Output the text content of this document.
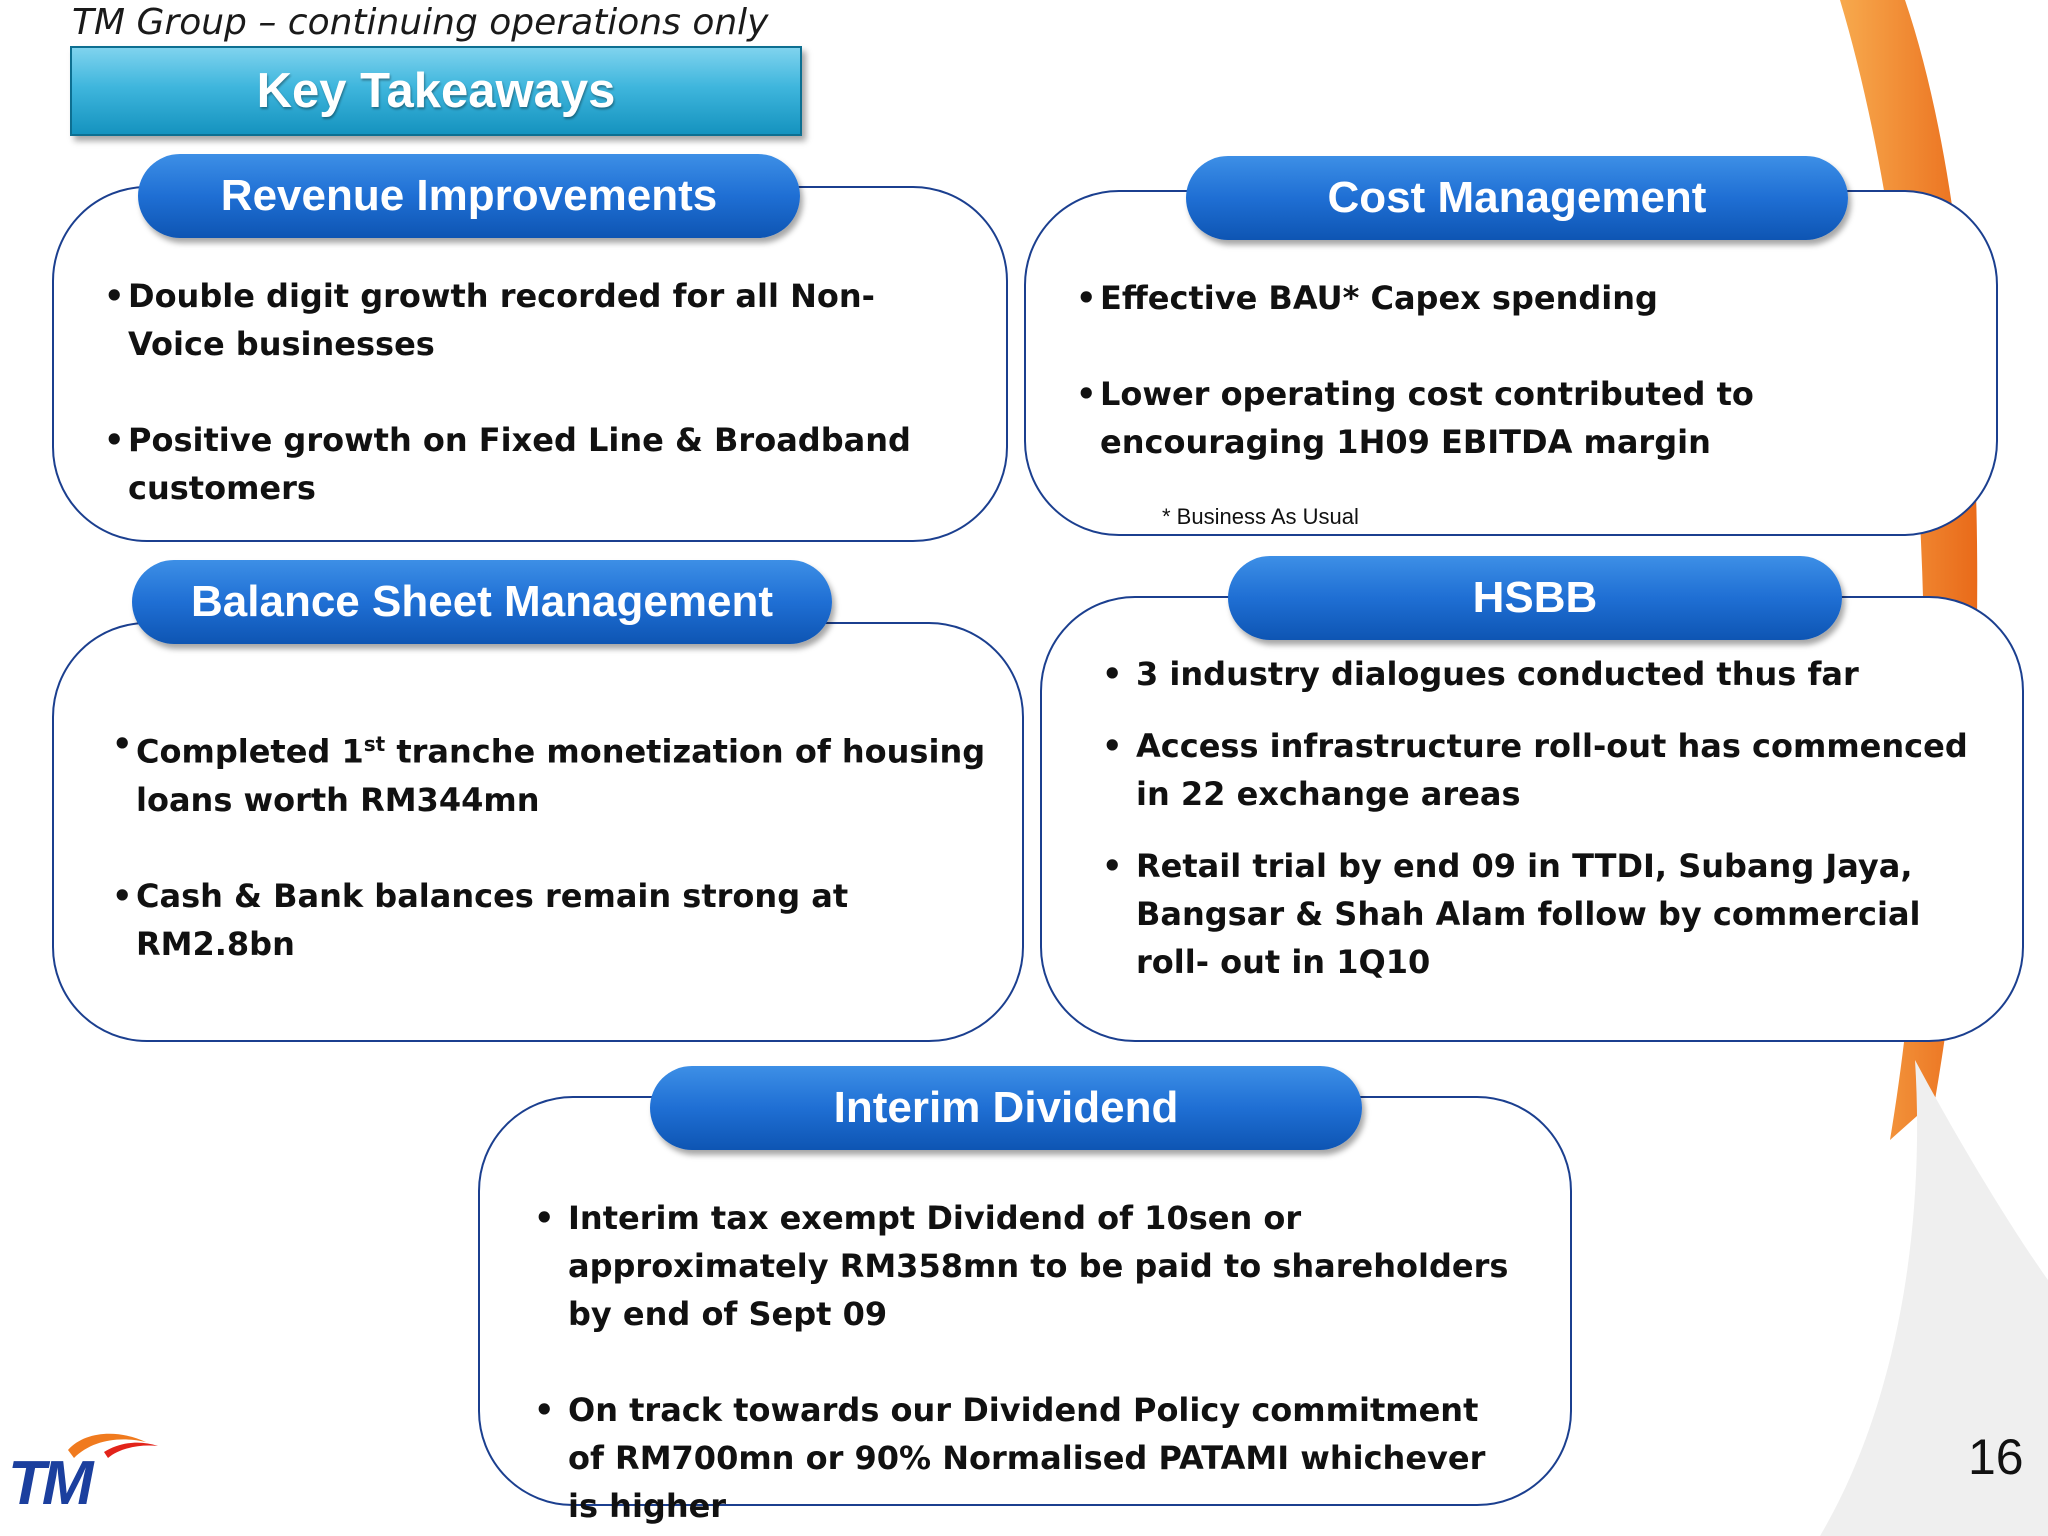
TM Group – continuing operations only
Key Takeaways
Revenue Improvements
• Double digit growth recorded for all Non-Voice businesses
• Positive growth on Fixed Line & Broadband customers
Cost Management
• Effective BAU* Capex spending
• Lower operating cost contributed to encouraging 1H09 EBITDA margin
* Business As Usual
Balance Sheet Management
• Completed 1st tranche monetization of housing loans worth RM344mn
• Cash & Bank balances remain strong at RM2.8bn
HSBB
• 3 industry dialogues conducted thus far
• Access infrastructure roll-out has commenced in 22 exchange areas
• Retail trial by end 09 in TTDI, Subang Jaya, Bangsar & Shah Alam follow by commercial roll- out in 1Q10
Interim Dividend
• Interim tax exempt Dividend of 10sen or approximately RM358mn to be paid to shareholders by end of Sept 09
• On track towards our Dividend Policy commitment of RM700mn or 90% Normalised PATAMI whichever is higher
TM	16
